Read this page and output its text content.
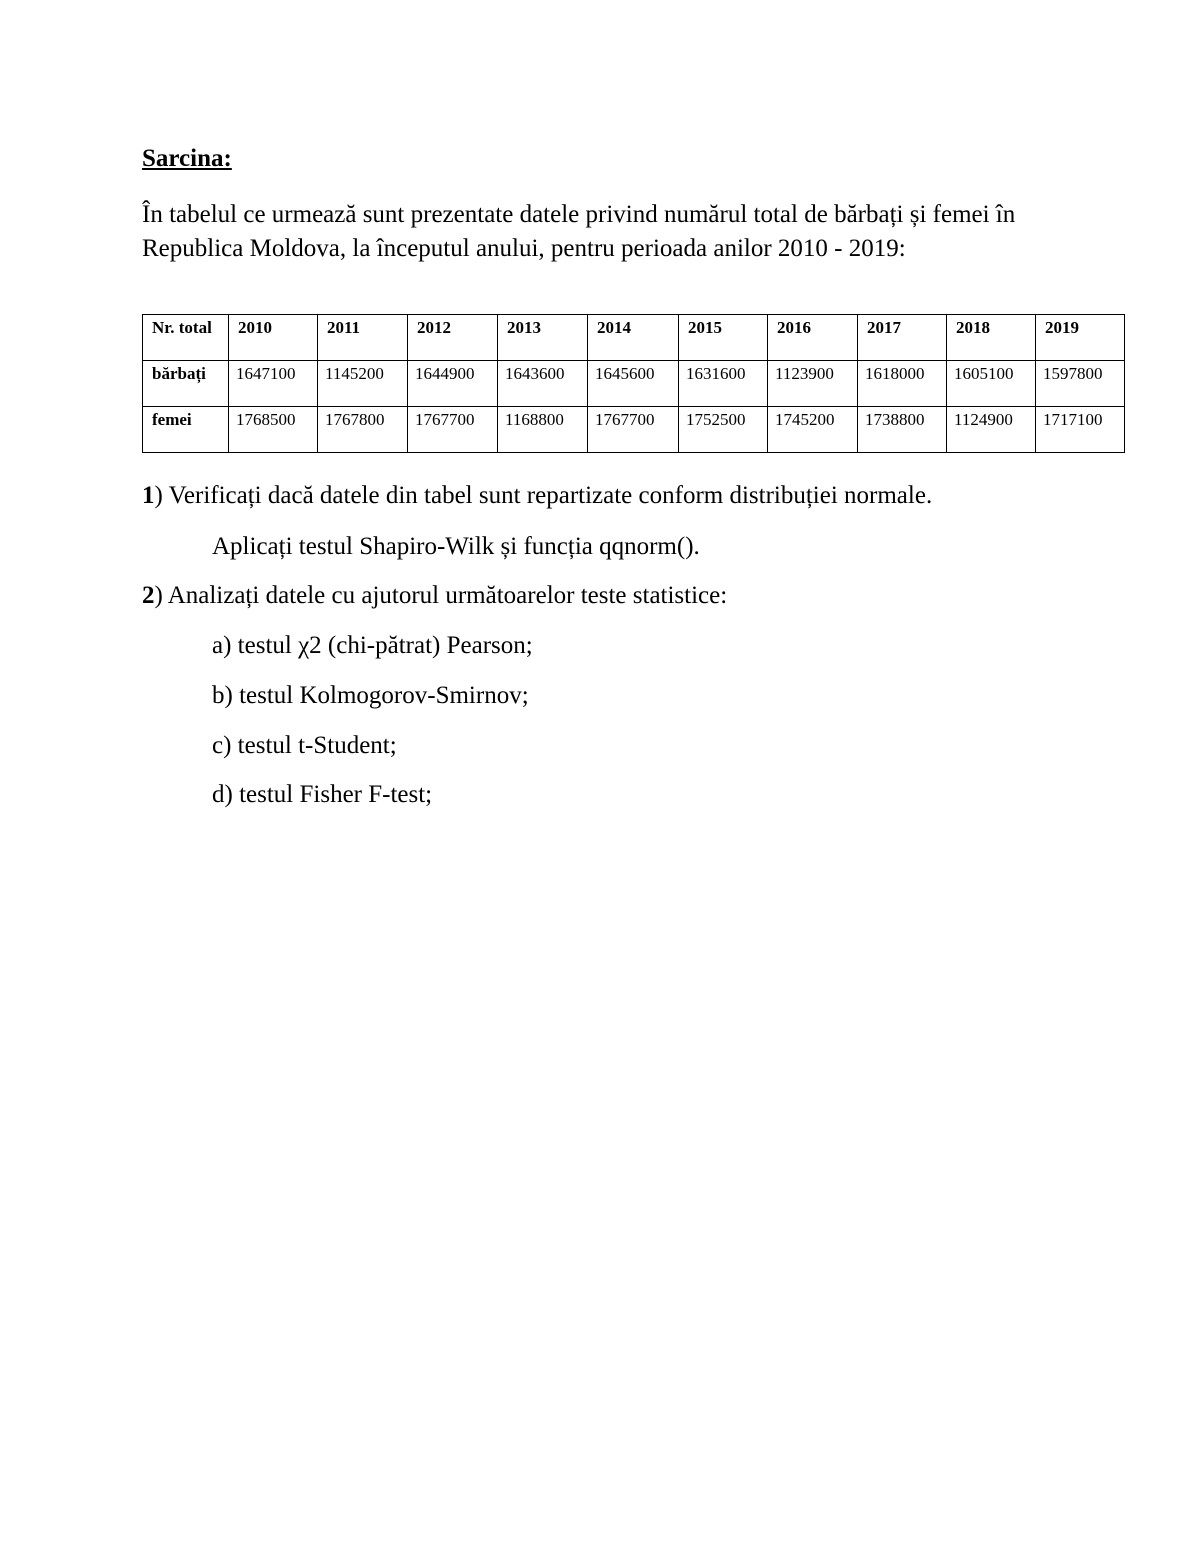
Sarcina:

În tabelul ce urmează sunt prezentate datele privind numărul total de bărbați și femei în Republica Moldova, la începutul anului, pentru perioada anilor 2010 - 2019:

Nr. total	2010	2011	2012	2013	2014	2015	2016	2017	2018	2019
bărbați	1647100	1145200	1644900	1643600	1645600	1631600	1123900	1618000	1605100	1597800
femei	1768500	1767800	1767700	1168800	1767700	1752500	1745200	1738800	1124900	1717100

1) Verificați dacă datele din tabel sunt repartizate conform distribuției normale.

Aplicați testul Shapiro-Wilk și funcția qqnorm().

2) Analizați datele cu ajutorul următoarelor teste statistice:

a) testul χ2 (chi-pătrat) Pearson;

b) testul Kolmogorov-Smirnov;

c) testul t-Student;

d) testul Fisher F-test;
